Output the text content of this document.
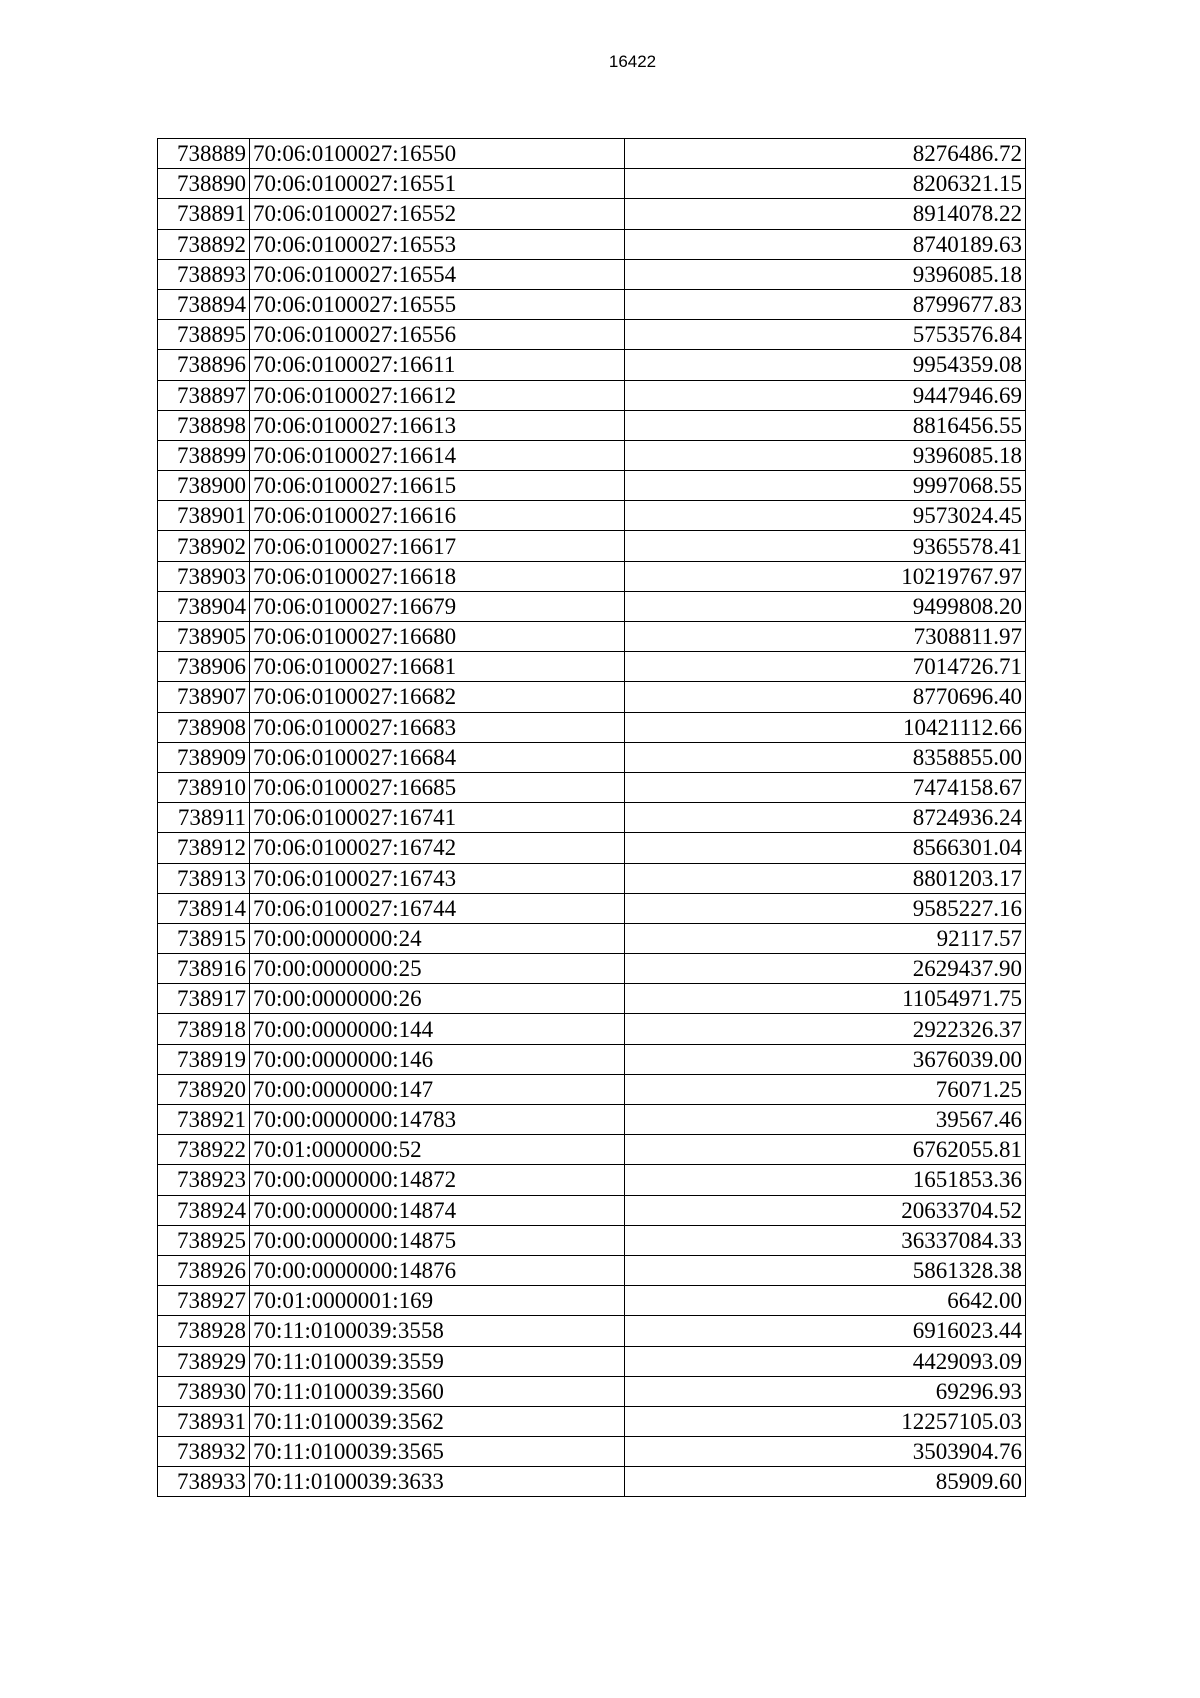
16422
738889	70:06:0100027:16550	8276486.72
738890	70:06:0100027:16551	8206321.15
738891	70:06:0100027:16552	8914078.22
738892	70:06:0100027:16553	8740189.63
738893	70:06:0100027:16554	9396085.18
738894	70:06:0100027:16555	8799677.83
738895	70:06:0100027:16556	5753576.84
738896	70:06:0100027:16611	9954359.08
738897	70:06:0100027:16612	9447946.69
738898	70:06:0100027:16613	8816456.55
738899	70:06:0100027:16614	9396085.18
738900	70:06:0100027:16615	9997068.55
738901	70:06:0100027:16616	9573024.45
738902	70:06:0100027:16617	9365578.41
738903	70:06:0100027:16618	10219767.97
738904	70:06:0100027:16679	9499808.20
738905	70:06:0100027:16680	7308811.97
738906	70:06:0100027:16681	7014726.71
738907	70:06:0100027:16682	8770696.40
738908	70:06:0100027:16683	10421112.66
738909	70:06:0100027:16684	8358855.00
738910	70:06:0100027:16685	7474158.67
738911	70:06:0100027:16741	8724936.24
738912	70:06:0100027:16742	8566301.04
738913	70:06:0100027:16743	8801203.17
738914	70:06:0100027:16744	9585227.16
738915	70:00:0000000:24	92117.57
738916	70:00:0000000:25	2629437.90
738917	70:00:0000000:26	11054971.75
738918	70:00:0000000:144	2922326.37
738919	70:00:0000000:146	3676039.00
738920	70:00:0000000:147	76071.25
738921	70:00:0000000:14783	39567.46
738922	70:01:0000000:52	6762055.81
738923	70:00:0000000:14872	1651853.36
738924	70:00:0000000:14874	20633704.52
738925	70:00:0000000:14875	36337084.33
738926	70:00:0000000:14876	5861328.38
738927	70:01:0000001:169	6642.00
738928	70:11:0100039:3558	6916023.44
738929	70:11:0100039:3559	4429093.09
738930	70:11:0100039:3560	69296.93
738931	70:11:0100039:3562	12257105.03
738932	70:11:0100039:3565	3503904.76
738933	70:11:0100039:3633	85909.60
